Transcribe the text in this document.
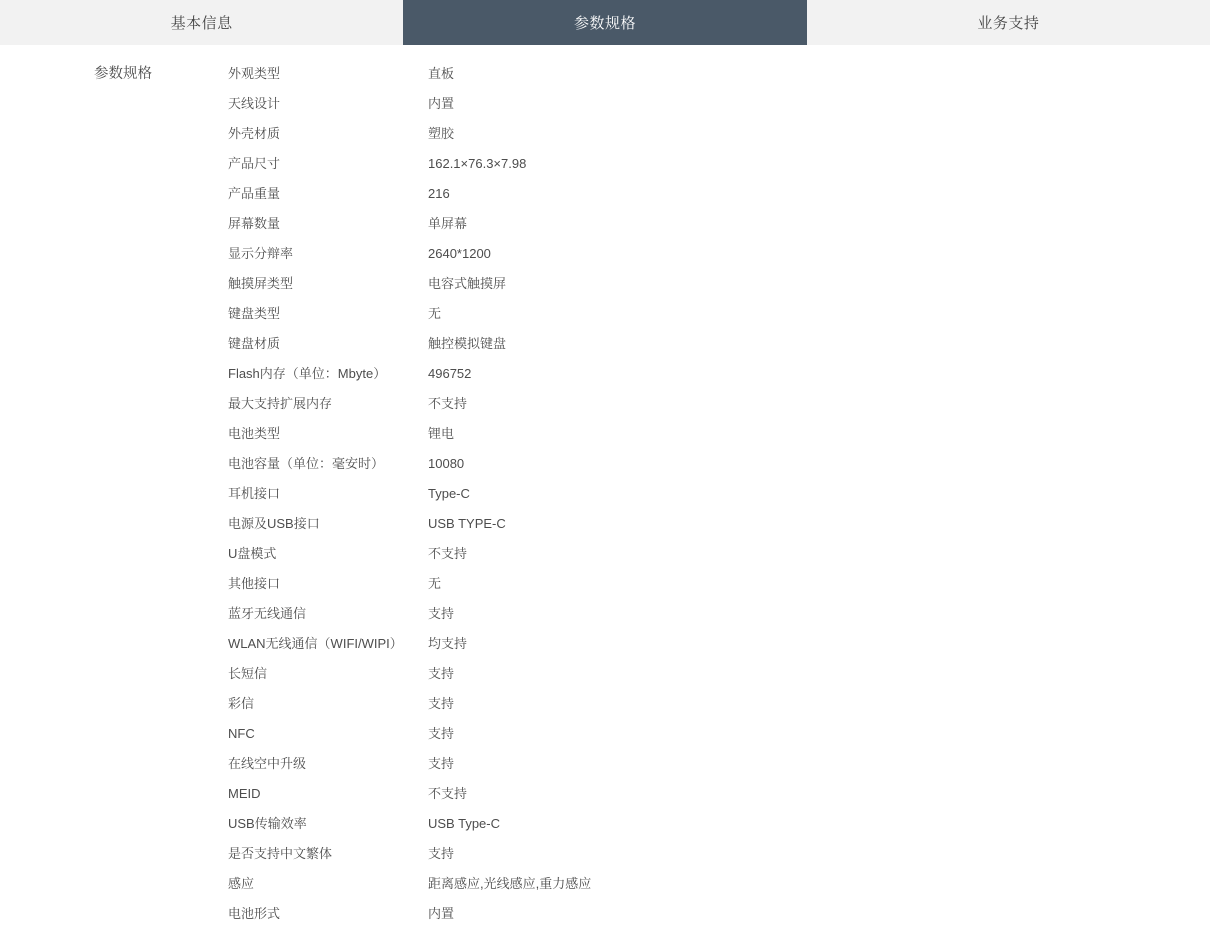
基本信息	参数规格	业务支持
参数规格	外观类型	直板
天线设计	内置
外壳材质	塑胶
产品尺寸	162.1×76.3×7.98
产品重量	216
屏幕数量	单屏幕
显示分辩率	2640*1200
触摸屏类型	电容式触摸屏
键盘类型	无
键盘材质	触控模拟键盘
Flash内存（单位：Mbyte）	496752
最大支持扩展内存	不支持
电池类型	锂电
电池容量（单位：毫安时）	10080
耳机接口	Type-C
电源及USB接口	USB TYPE-C
U盘模式	不支持
其他接口	无
蓝牙无线通信	支持
WLAN无线通信（WIFI/WIPI）	均支持
长短信	支持
彩信	支持
NFC	支持
在线空中升级	支持
MEID	不支持
USB传输效率	USB Type-C
是否支持中文繁体	支持
感应	距离感应,光线感应,重力感应
电池形式	内置
